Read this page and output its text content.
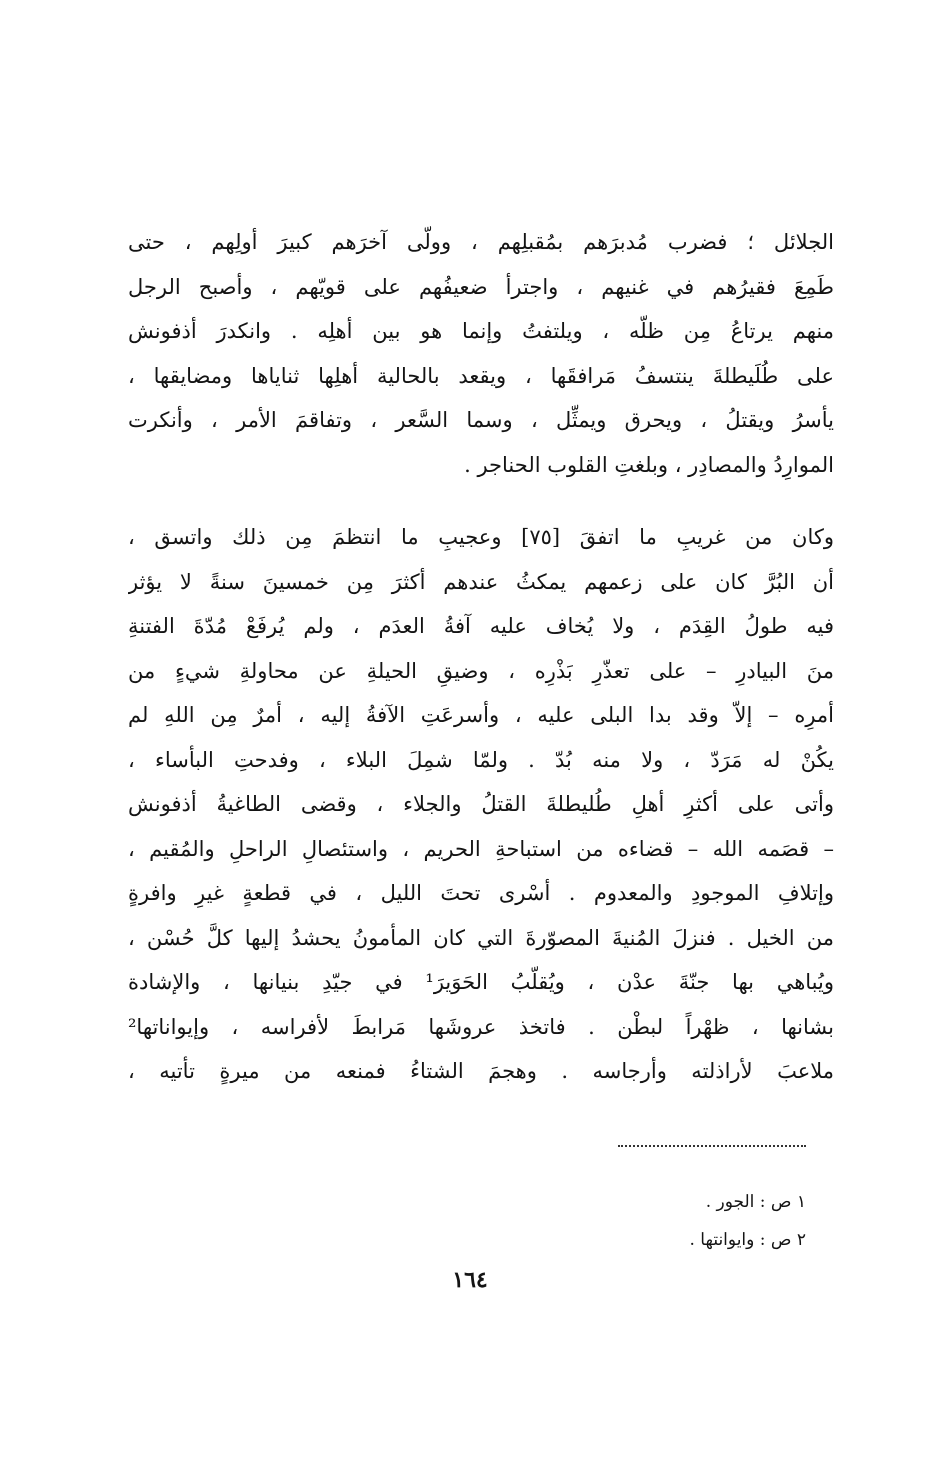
الجلائل ؛ فضرب مُدبرَهم بمُقبلِهم ، وولّى آخرَهم كبيرَ أولِهم ، حتى
طَمِعَ فقيرُهم في غنيهم ، واجترأ ضعيفُهم على قويّهم ، وأصبح الرجل
منهم يرتاعُ مِن ظلّه ، ويلتفتُ وإنما هو بين أهلِه . وانكدرَ أذفونش
على طُلَيطلةَ ينتسفُ مَرافقَها ، ويقعد بالحالية أهلِها ثناياها ومضايقها ،
يأسرُ ويقتلُ ، ويحرق ويمثِّل ، وسما السَّعر ، وتفاقمَ الأمر ، وأنكرت
الموارِدُ والمصادِر ، وبلغتِ القلوب الحناجر .
وكان من غريبِ ما اتفقَ [٧٥] وعجيبِ ما انتظمَ مِن ذلك واتسق ،
أن البُرَّ كان على زعمهم يمكثُ عندهم أكثرَ مِن خمسينَ سنةً لا يؤثر
فيه طولُ القِدَم ، ولا يُخاف عليه آفةُ العدَم ، ولم يُرفَعْ مُدّةَ الفتنةِ
منَ البيادرِ – على تعذّرِ بَذْرِه ، وضيقِ الحيلةِ عن محاولةِ شيءٍ من
أمرِه – إلاّ وقد بدا البلى عليه ، وأسرعَتِ الآفةُ إليه ، أمرٌ مِن اللهِ لم
يكُنْ له مَرَدّ ، ولا منه بُدّ . ولمّا شمِلَ البلاء ، وفدحتِ البأساء ،
وأتى على أكثرِ أهلِ طُليطلةَ القتلُ والجلاء ، وقضى الطاغيةُ أذفونش
– قصَمه الله – قضاءه من استباحةِ الحريم ، واستئصالِ الراحلِ والمُقيم ،
وإتلافِ الموجودِ والمعدوم . أسْرى تحتَ الليل ، في قطعةٍ غيرِ وافرةٍ
من الخيل . فنزلَ المُنيةَ المصوّرةَ التي كان المأمونُ يحشدُ إليها كلَّ حُسْن ،
ويُباهي بها جنّةَ عدْن ، ويُقلّبُ الحَوَيرَ¹ في جيّدِ بنيانها ، والإشادة
بشانها ، ظهْراً لبطْن . فاتخذ عروشَها مَرابطَ لأفراسه ، وإيواناتها²
ملاعبَ لأراذلته وأرجاسه . وهجمَ الشتاءُ فمنعه من ميرةٍ تأتيه ،
١ ص : الجور .
٢ ص : وايوانتها .
١٦٤
